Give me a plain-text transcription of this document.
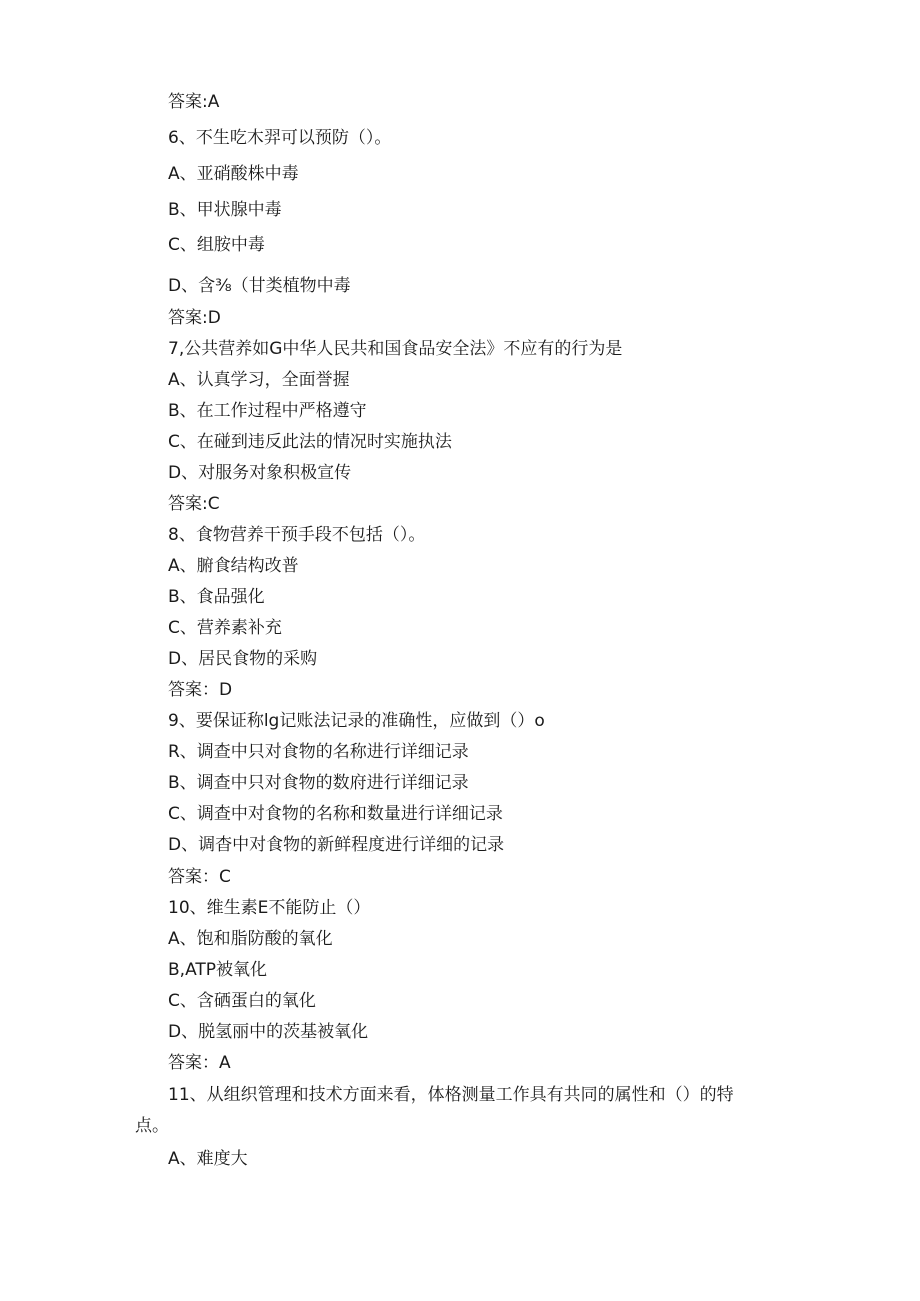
答案:A
6、不生吃木羿可以预防（）。
A、亚硝酸株中毒
B、甲状腺中毒
C、组胺中毒
D、含⅜（甘类植物中毒
答案:D
7,公共营养如G中华人民共和国食品安全法》不应有的行为是
A、认真学习，全面誉握
B、在工作过程中严格遵守
C、在碰到违反此法的情况时实施执法
D、对服务对象积极宣传
答案:C
8、食物营养干预手段不包括（）。
A、腑食结构改普
B、食品强化
C、营养素补充
D、居民食物的采购
答案：D
9、要保证称lg记账法记录的准确性，应做到（）o
R、调查中只对食物的名称进行详细记录
B、调查中只对食物的数府进行详细记录
C、调查中对食物的名称和数量进行详细记录
D、调杳中对食物的新鲜程度进行详细的记录
答案：C
10、维生素E不能防止（）
A、饱和脂防酸的氧化
B,ATP被氧化
C、含硒蛋白的氧化
D、脱氢丽中的茨基被氧化
答案：A
11、从组织管理和技术方面来看，体格测量工作具有共同的属性和（）的特点。
A、难度大
